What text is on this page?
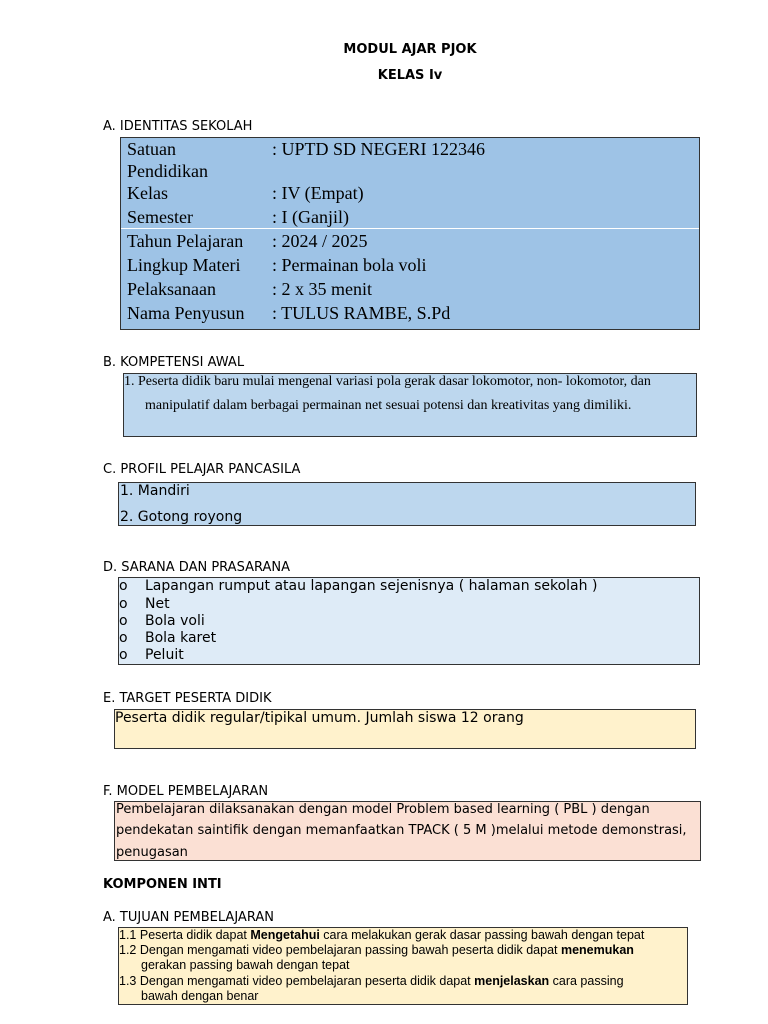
MODUL AJAR PJOK
KELAS Iv
A. IDENTITAS SEKOLAH
Satuan	: UPTD SD NEGERI 122346
Pendidikan
Kelas	: IV (Empat)
Semester	: I (Ganjil)
Tahun Pelajaran	: 2024 / 2025
Lingkup Materi	: Permainan bola voli
Pelaksanaan	: 2 x 35 menit
Nama Penyusun	: TULUS RAMBE, S.Pd
B. KOMPETENSI AWAL
1. Peserta didik baru mulai mengenal variasi pola gerak dasar lokomotor, non- lokomotor, dan
manipulatif dalam berbagai permainan net sesuai potensi dan kreativitas yang dimiliki.
C. PROFIL PELAJAR PANCASILA
1. Mandiri
2. Gotong royong
D. SARANA DAN PRASARANA
o Lapangan rumput atau lapangan sejenisnya ( halaman sekolah )
o Net
o Bola voli
o Bola karet
o Peluit
E. TARGET PESERTA DIDIK
Peserta didik regular/tipikal umum. Jumlah siswa 12 orang
F. MODEL PEMBELAJARAN
Pembelajaran dilaksanakan dengan model Problem based learning ( PBL ) dengan
pendekatan saintifik dengan memanfaatkan TPACK ( 5 M )melalui metode demonstrasi,
penugasan
KOMPONEN INTI
A. TUJUAN PEMBELAJARAN
1.1 Peserta didik dapat Mengetahui cara melakukan gerak dasar passing bawah dengan tepat
1.2 Dengan mengamati video pembelajaran passing bawah peserta didik dapat menemukan
gerakan passing bawah dengan tepat
1.3 Dengan mengamati video pembelajaran peserta didik dapat menjelaskan cara passing
bawah dengan benar
